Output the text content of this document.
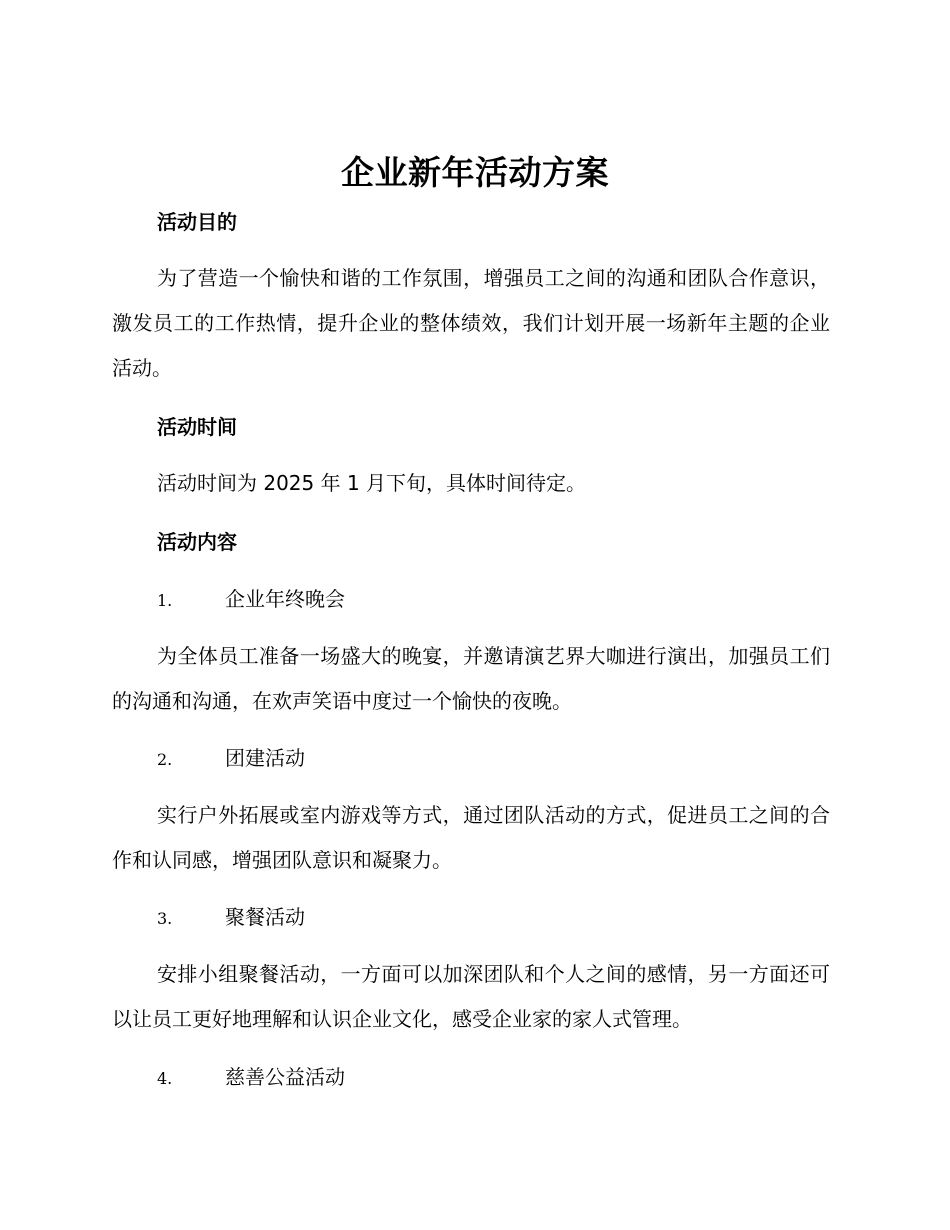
企业新年活动方案
活动目的

为了营造一个愉快和谐的工作氛围，增强员工之间的沟通和团队合作意识，激发员工的工作热情，提升企业的整体绩效，我们计划开展一场新年主题的企业活动。

活动时间

活动时间为 2025 年 1 月下旬，具体时间待定。

活动内容
1.	企业年终晚会

为全体员工准备一场盛大的晚宴，并邀请演艺界大咖进行演出，加强员工们的沟通和沟通，在欢声笑语中度过一个愉快的夜晚。

2.	团建活动

实行户外拓展或室内游戏等方式，通过团队活动的方式，促进员工之间的合作和认同感，增强团队意识和凝聚力。

3.	聚餐活动

安排小组聚餐活动，一方面可以加深团队和个人之间的感情，另一方面还可以让员工更好地理解和认识企业文化，感受企业家的家人式管理。

4.	慈善公益活动
